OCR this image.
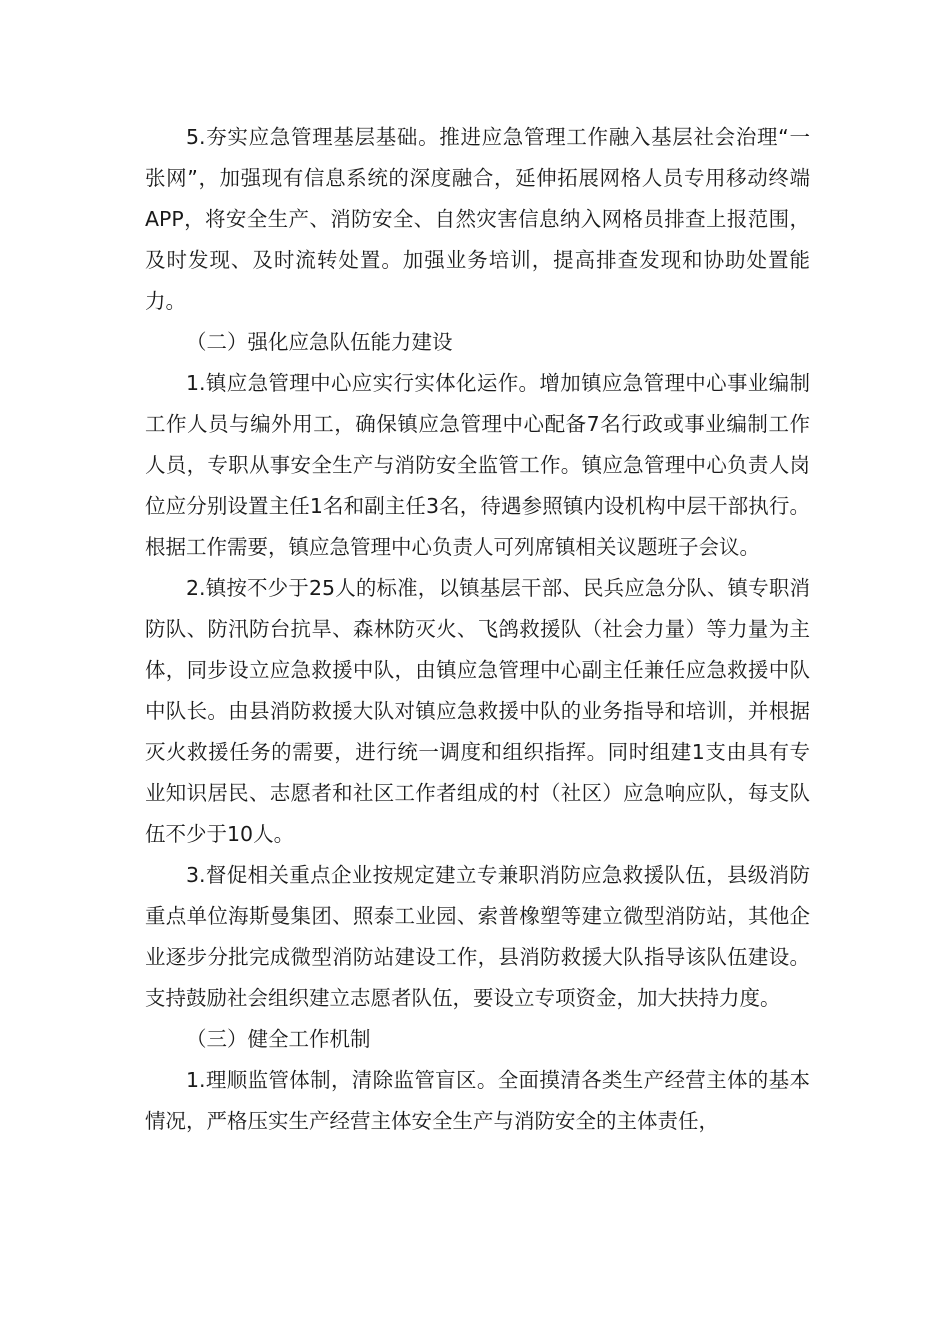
5.夯实应急管理基层基础。推进应急管理工作融入基层社会治理“一张网”，加强现有信息系统的深度融合，延伸拓展网格人员专用移动终端APP，将安全生产、消防安全、自然灾害信息纳入网格员排查上报范围，及时发现、及时流转处置。加强业务培训，提高排查发现和协助处置能力。

（二）强化应急队伍能力建设

1.镇应急管理中心应实行实体化运作。增加镇应急管理中心事业编制工作人员与编外用工，确保镇应急管理中心配备7名行政或事业编制工作人员，专职从事安全生产与消防安全监管工作。镇应急管理中心负责人岗位应分别设置主任1名和副主任3名，待遇参照镇内设机构中层干部执行。根据工作需要，镇应急管理中心负责人可列席镇相关议题班子会议。

2.镇按不少于25人的标准，以镇基层干部、民兵应急分队、镇专职消防队、防汛防台抗旱、森林防灭火、飞鸽救援队（社会力量）等力量为主体，同步设立应急救援中队，由镇应急管理中心副主任兼任应急救援中队中队长。由县消防救援大队对镇应急救援中队的业务指导和培训，并根据灭火救援任务的需要，进行统一调度和组织指挥。同时组建1支由具有专业知识居民、志愿者和社区工作者组成的村（社区）应急响应队，每支队伍不少于10人。

3.督促相关重点企业按规定建立专兼职消防应急救援队伍，县级消防重点单位海斯曼集团、照泰工业园、索普橡塑等建立微型消防站，其他企业逐步分批完成微型消防站建设工作，县消防救援大队指导该队伍建设。支持鼓励社会组织建立志愿者队伍，要设立专项资金，加大扶持力度。

（三）健全工作机制

1.理顺监管体制，清除监管盲区。全面摸清各类生产经营主体的基本情况，严格压实生产经营主体安全生产与消防安全的主体责任，
